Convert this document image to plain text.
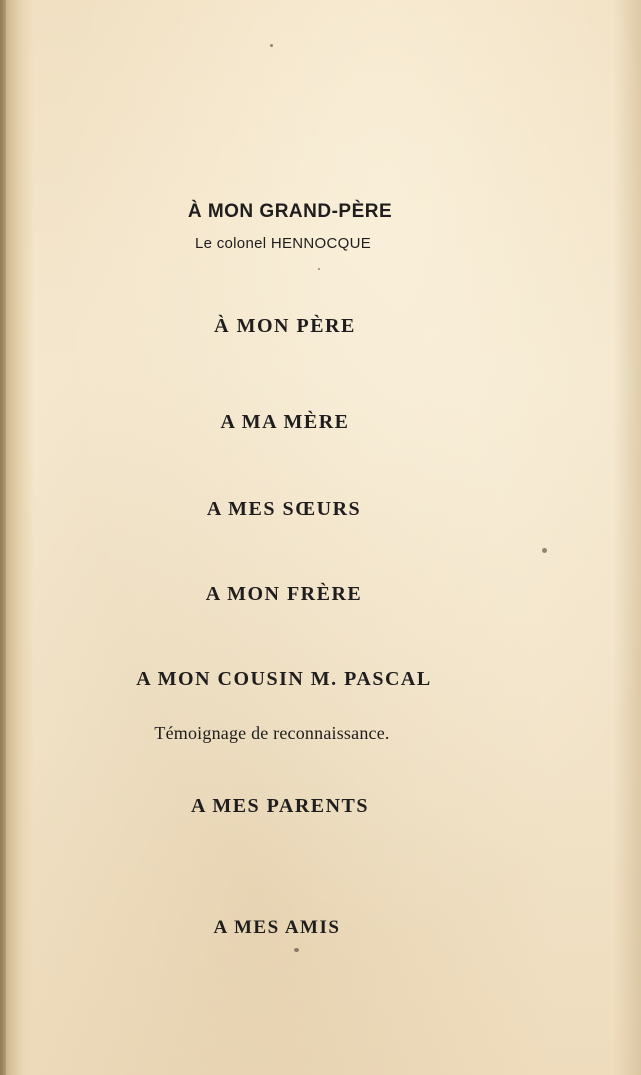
À MON GRAND-PÈRE

Le colonel HENNOCQUE

À MON PÈRE

A MA MÈRE

A MES SŒURS

A MON FRÈRE

A MON COUSIN M. PASCAL

Témoignage de reconnaissance.

A MES PARENTS

A MES AMIS
